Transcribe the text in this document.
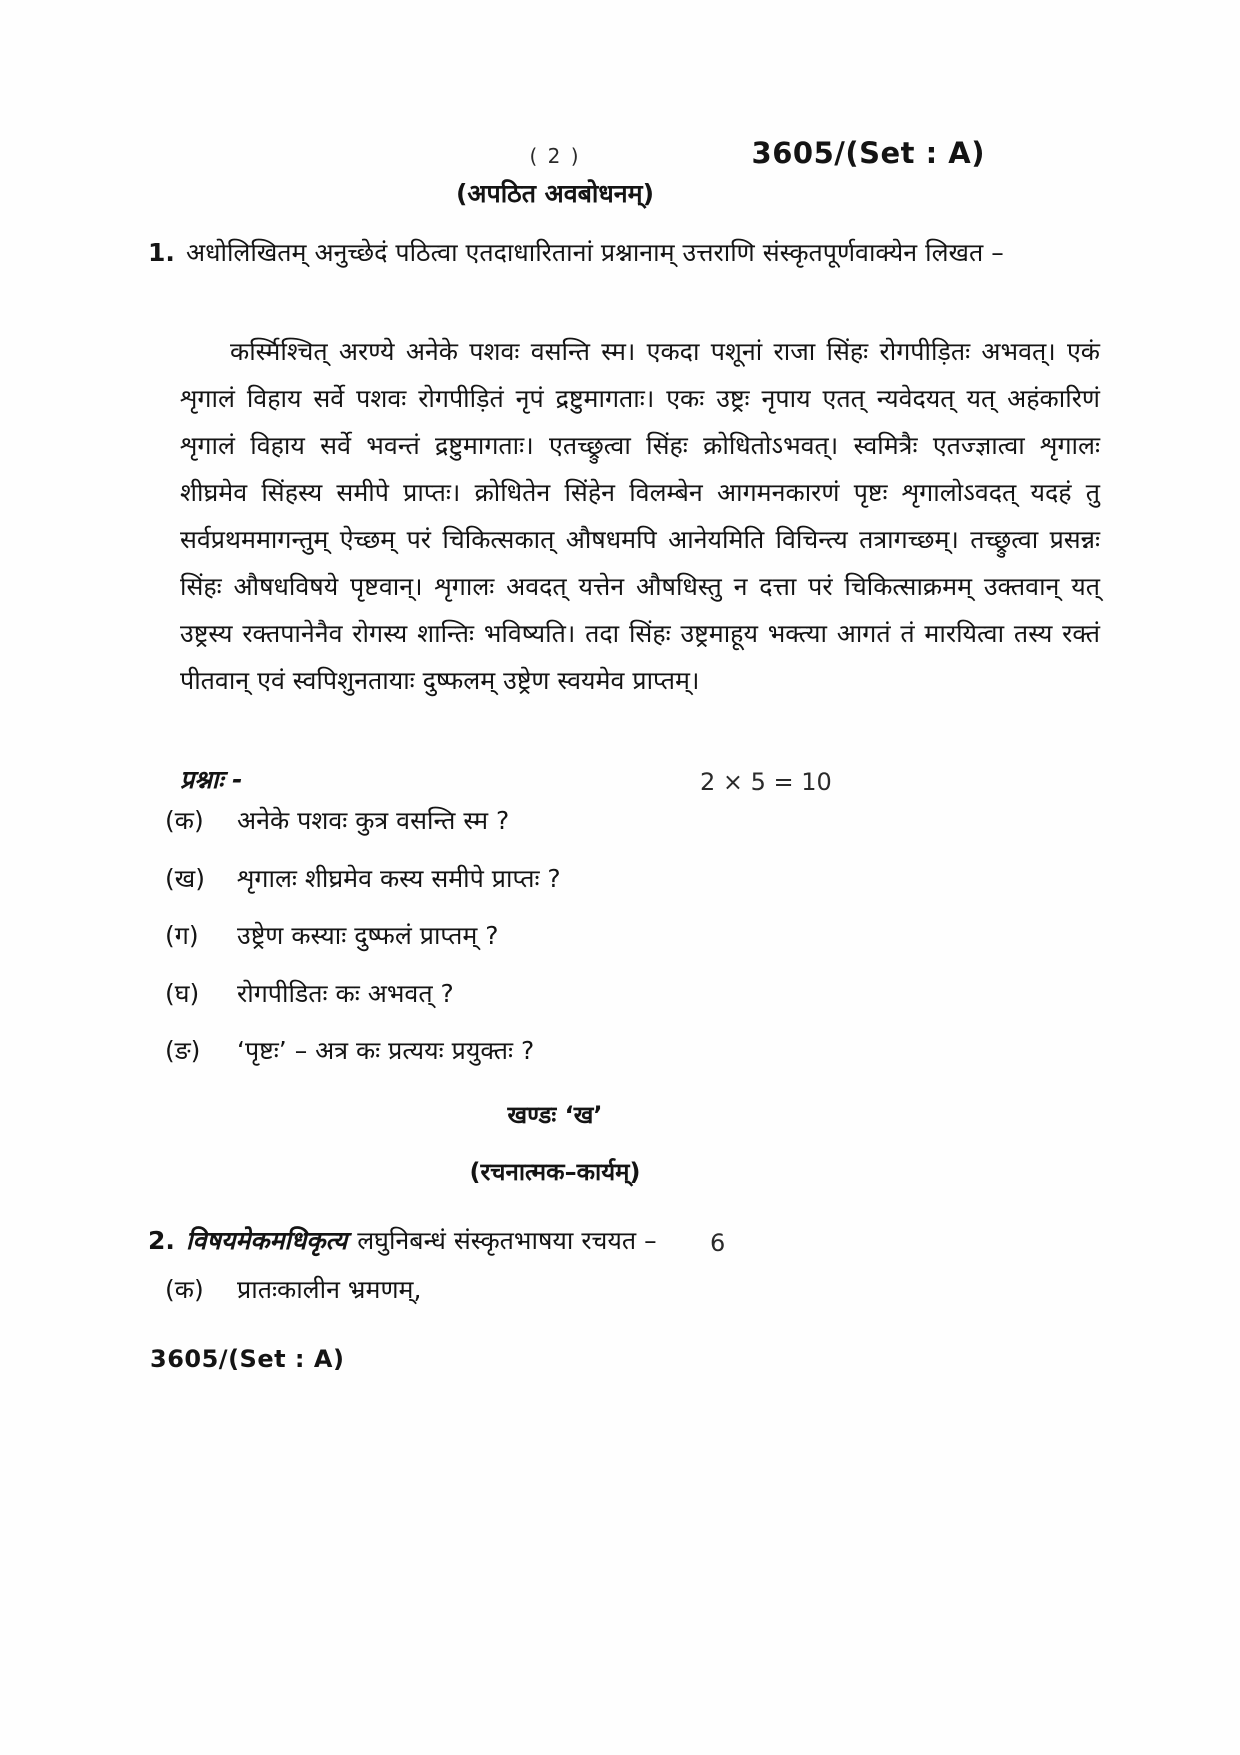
( 2 )	3605/(Set : A)
(अपठित अवबोधनम्)
1. अधोलिखितम् अनुच्छेदं पठित्वा एतदाधारितानां प्रश्नानाम् उत्तराणि संस्कृतपूर्णवाक्येन लिखत –

कर्स्मिश्चित् अरण्ये अनेके पशवः वसन्ति स्म। एकदा पशूनां राजा सिंहः रोगपीड़ितः अभवत्। एकं शृगालं विहाय सर्वे पशवः रोगपीड़ितं नृपं द्रष्टुमागताः। एकः उष्ट्रः नृपाय एतत् न्यवेदयत् यत् अहंकारिणं शृगालं विहाय सर्वे भवन्तं द्रष्टुमागताः। एतच्छ्रुत्वा सिंहः क्रोधितोऽभवत्। स्वमित्रैः एतज्ज्ञात्वा शृगालः शीघ्रमेव सिंहस्य समीपे प्राप्तः। क्रोधितेन सिंहेन विलम्बेन आगमनकारणं पृष्टः शृगालोऽवदत् यदहं तु सर्वप्रथममागन्तुम् ऐच्छम् परं चिकित्सकात् औषधमपि आनेयमिति विचिन्त्य तत्रागच्छम्। तच्छ्रुत्वा प्रसन्नः सिंहः औषधविषये पृष्टवान्। शृगालः अवदत् यत्तेन औषधिस्तु न दत्ता परं चिकित्साक्रमम् उक्तवान् यत् उष्ट्रस्य रक्तपानेनैव रोगस्य शान्तिः भविष्यति। तदा सिंहः उष्ट्रमाहूय भक्त्या आगतं तं मारयित्वा तस्य रक्तं पीतवान् एवं स्वपिशुनतायाः दुष्फलम् उष्ट्रेण स्वयमेव प्राप्तम्।

प्रश्नाः -	2 × 5 = 10
(क)	अनेके पशवः कुत्र वसन्ति स्म ?
(ख)	शृगालः शीघ्रमेव कस्य समीपे प्राप्तः ?
(ग)	उष्ट्रेण कस्याः दुष्फलं प्राप्तम् ?
(घ)	रोगपीडितः कः अभवत् ?
(ङ)	‘पृष्टः’ – अत्र कः प्रत्ययः प्रयुक्तः ?
खण्डः ‘ख’
(रचनात्मक–कार्यम्)
2. विषयमेकमधिकृत्य लघुनिबन्धं संस्कृतभाषया रचयत – 6
(क)	प्रातःकालीन भ्रमणम्,
3605/(Set : A)
